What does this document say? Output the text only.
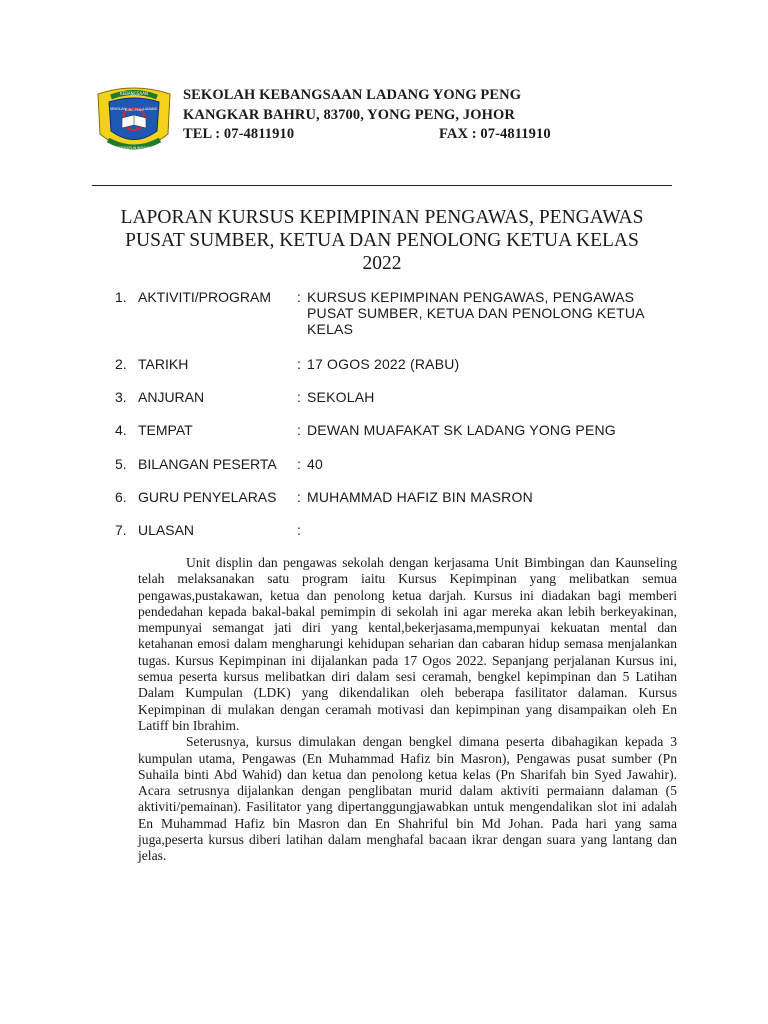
KEBANGSAAN
SEKOLAH	LADANG
YONG PENG
BERDISIPLIN BERILMU
SEKOLAH KEBANGSAAN LADANG YONG PENG
KANGKAR BAHRU, 83700, YONG PENG, JOHOR
TEL : 07-4811910	FAX : 07-4811910
LAPORAN KURSUS KEPIMPINAN PENGAWAS, PENGAWAS
PUSAT SUMBER, KETUA DAN PENOLONG KETUA KELAS
2022
1. AKTIVITI/PROGRAM : KURSUS KEPIMPINAN PENGAWAS, PENGAWAS PUSAT SUMBER, KETUA DAN PENOLONG KETUA KELAS
2. TARIKH	: 17 OGOS 2022 (RABU)
3. ANJURAN	: SEKOLAH
4. TEMPAT	: DEWAN MUAFAKAT SK LADANG YONG PENG
5. BILANGAN PESERTA : 40
6. GURU PENYELARAS : MUHAMMAD HAFIZ BIN MASRON
7. ULASAN	:

Unit displin dan pengawas sekolah dengan kerjasama Unit Bimbingan dan Kaunseling telah melaksanakan satu program iaitu Kursus Kepimpinan yang melibatkan semua pengawas,pustakawan, ketua dan penolong ketua darjah. Kursus ini diadakan bagi memberi pendedahan kepada bakal-bakal pemimpin di sekolah ini agar mereka akan lebih berkeyakinan, mempunyai semangat jati diri yang kental,bekerjasama,mempunyai kekuatan mental dan ketahanan emosi dalam mengharungi kehidupan seharian dan cabaran hidup semasa menjalankan tugas. Kursus Kepimpinan ini dijalankan pada 17 Ogos 2022. Sepanjang perjalanan Kursus ini, semua peserta kursus melibatkan diri dalam sesi ceramah, bengkel kepimpinan dan 5 Latihan Dalam Kumpulan (LDK) yang dikendalikan oleh beberapa fasilitator dalaman. Kursus Kepimpinan di mulakan dengan ceramah motivasi dan kepimpinan yang disampaikan oleh En Latiff bin Ibrahim.

Seterusnya, kursus dimulakan dengan bengkel dimana peserta dibahagikan kepada 3 kumpulan utama, Pengawas (En Muhammad Hafiz bin Masron), Pengawas pusat sumber (Pn Suhaila binti Abd Wahid) dan ketua dan penolong ketua kelas (Pn Sharifah bin Syed Jawahir). Acara setrusnya dijalankan dengan penglibatan murid dalam aktiviti permaiann dalaman (5 aktiviti/pemainan). Fasilitator yang dipertanggungjawabkan untuk mengendalikan slot ini adalah En Muhammad Hafiz bin Masron dan En Shahriful bin Md Johan. Pada hari yang sama juga,peserta kursus diberi latihan dalam menghafal bacaan ikrar dengan suara yang lantang dan jelas.
